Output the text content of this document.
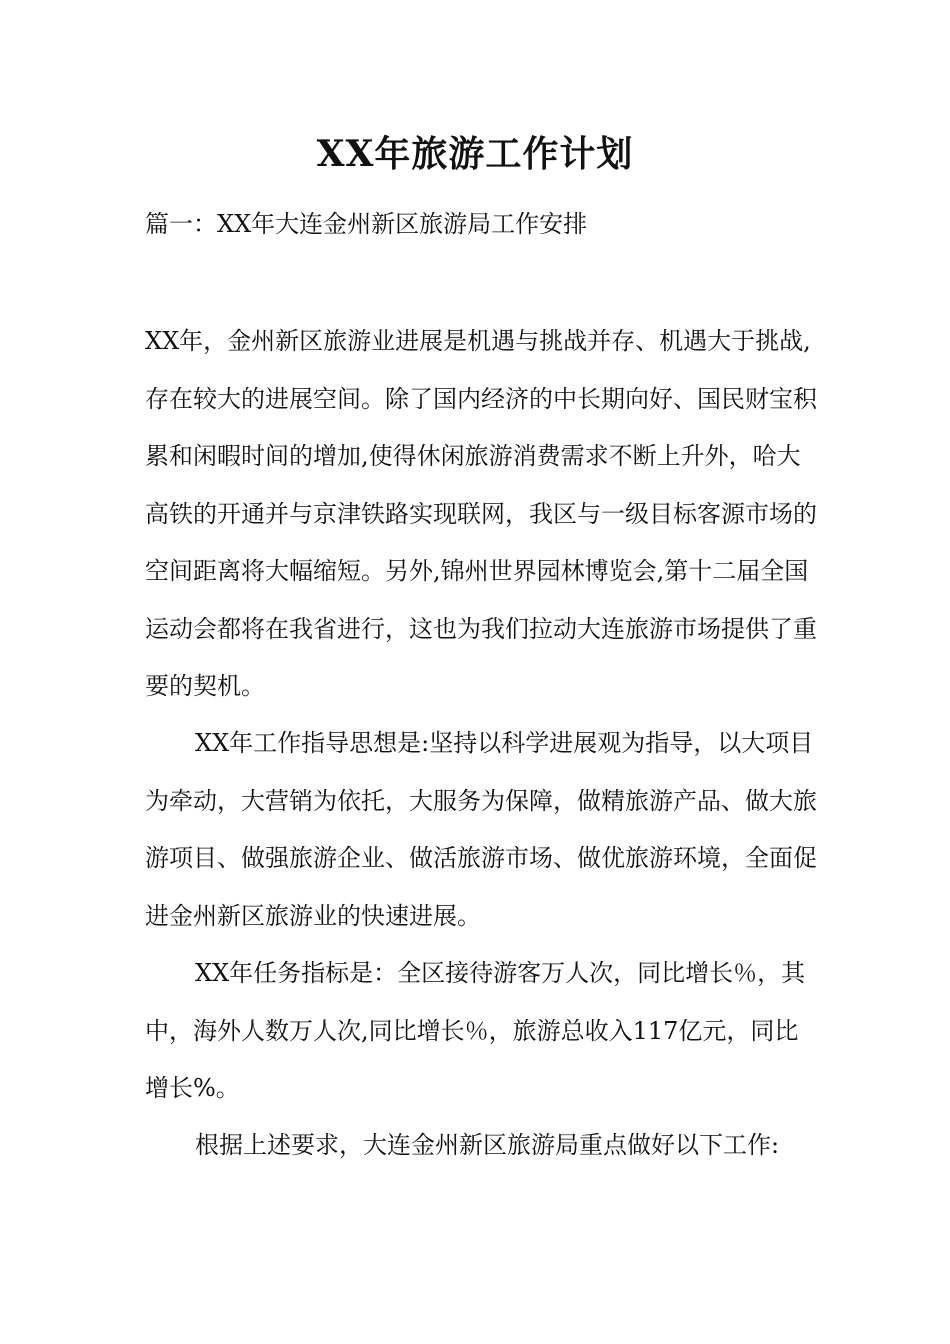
XX年旅游工作计划
篇一：XX年大连金州新区旅游局工作安排

XX年，金州新区旅游业进展是机遇与挑战并存、机遇大于挑战,存在较大的进展空间。除了国内经济的中长期向好、国民财宝积累和闲暇时间的增加,使得休闲旅游消费需求不断上升外，哈大高铁的开通并与京津铁路实现联网，我区与一级目标客源市场的空间距离将大幅缩短。另外,锦州世界园林博览会,第十二届全国运动会都将在我省进行，这也为我们拉动大连旅游市场提供了重要的契机。

XX年工作指导思想是:坚持以科学进展观为指导，以大项目为牵动，大营销为依托，大服务为保障，做精旅游产品、做大旅游项目、做强旅游企业、做活旅游市场、做优旅游环境，全面促进金州新区旅游业的快速进展。

XX年任务指标是：全区接待游客万人次，同比增长％，其中，海外人数万人次,同比增长％，旅游总收入117亿元，同比增长%。

根据上述要求，大连金州新区旅游局重点做好以下工作:
